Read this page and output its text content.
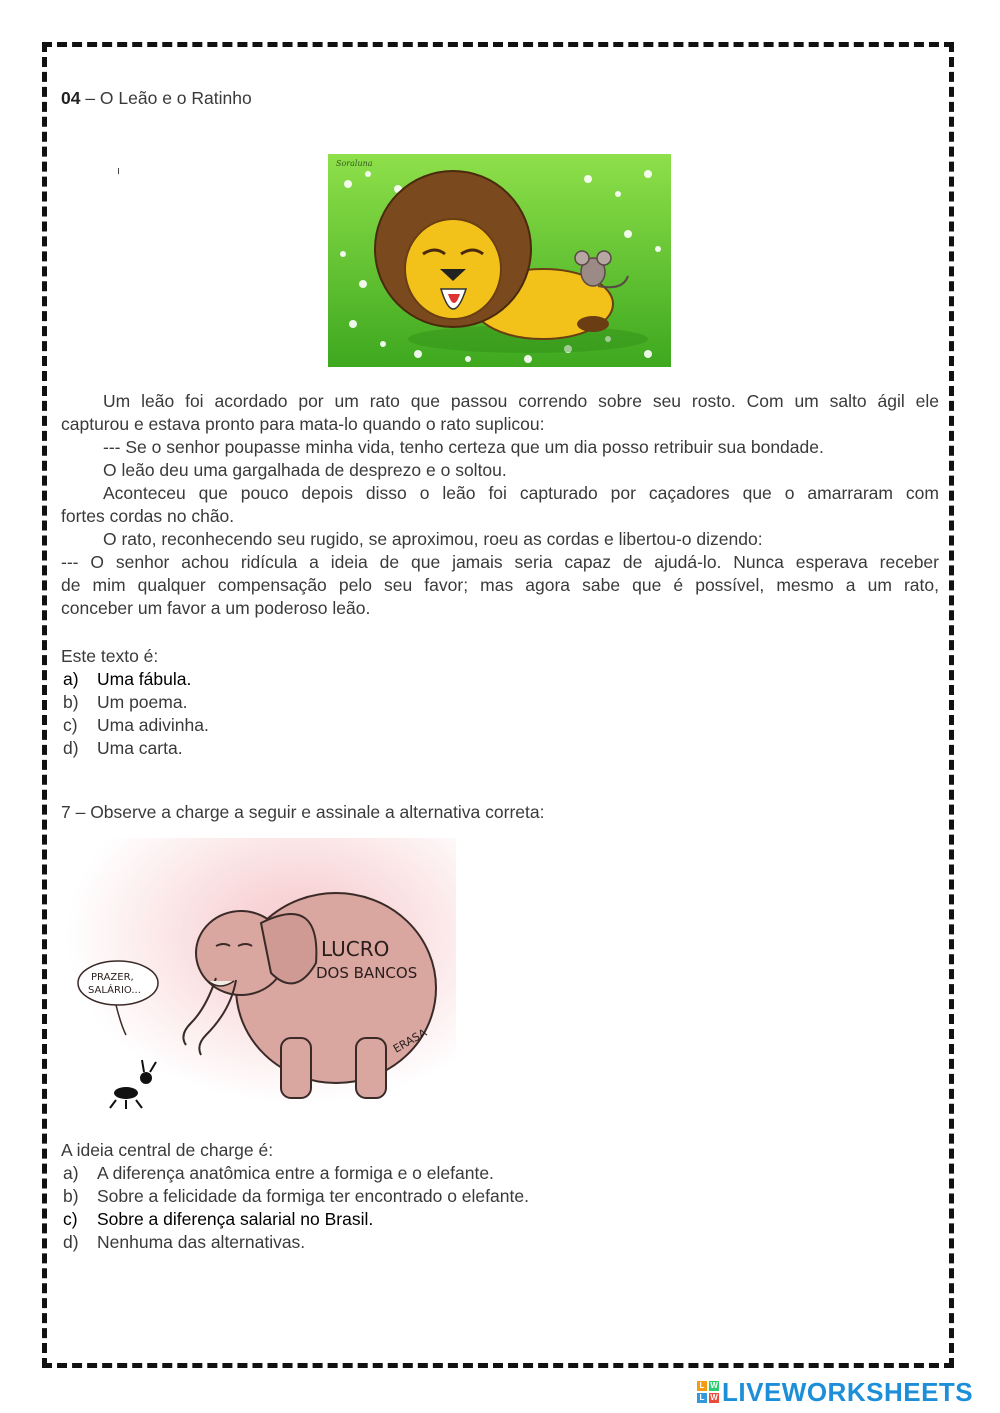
04 – O Leão e o Ratinho
Soraluna

Um leão foi acordado por um rato que passou correndo sobre seu rosto. Com um salto ágil ele

capturou e estava pronto para mata-lo quando o rato suplicou:

--- Se o senhor poupasse minha vida, tenho certeza que um dia posso retribuir sua bondade.

O leão deu uma gargalhada de desprezo e o soltou.

Aconteceu que pouco depois disso o leão foi capturado por caçadores que o amarraram com

fortes cordas no chão.

O rato, reconhecendo seu rugido, se aproximou, roeu as cordas e libertou-o dizendo:

--- O senhor achou ridícula a ideia de que jamais seria capaz de ajudá-lo. Nunca esperava receber

de mim qualquer compensação pelo seu favor; mas agora sabe que é possível, mesmo a um rato,

conceber um favor a um poderoso leão.

Este texto é:
a) Uma fábula.
b) Um poema.
c) Uma adivinha.
d) Uma carta.
7 – Observe a charge a seguir e assinale a alternativa correta:
LUCRO
DOS BANCOS
ERASA
PRAZER,
SALÁRIO...
A ideia central de charge é:
a) A diferença anatômica entre a formiga e o elefante.
b) Sobre a felicidade da formiga ter encontrado o elefante.
c) Sobre a diferença salarial no Brasil.
d) Nenhuma das alternativas.
L W
L W LIVEWORKSHEETS
